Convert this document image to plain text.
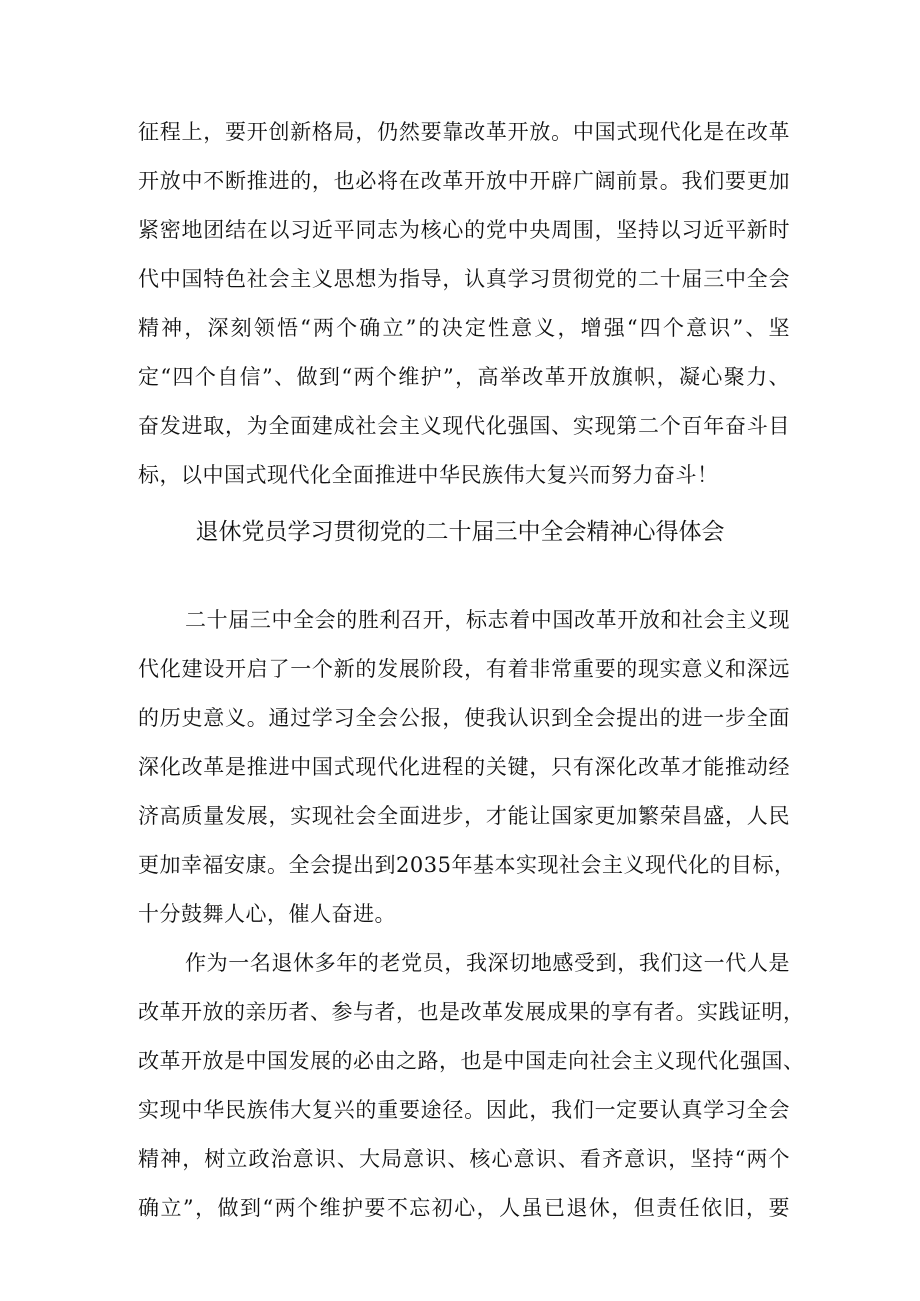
征程上，要开创新格局，仍然要靠改革开放。中国式现代化是在改革
开放中不断推进的，也必将在改革开放中开辟广阔前景。我们要更加
紧密地团结在以习近平同志为核心的党中央周围，坚持以习近平新时
代中国特色社会主义思想为指导，认真学习贯彻党的二十届三中全会
精神，深刻领悟“两个确立”的决定性意义，增强“四个意识”、坚
定“四个自信”、做到“两个维护”，高举改革开放旗帜，凝心聚力、
奋发进取，为全面建成社会主义现代化强国、实现第二个百年奋斗目
标，以中国式现代化全面推进中华民族伟大复兴而努力奋斗！
退休党员学习贯彻党的二十届三中全会精神心得体会
二十届三中全会的胜利召开，标志着中国改革开放和社会主义现
代化建设开启了一个新的发展阶段，有着非常重要的现实意义和深远
的历史意义。通过学习全会公报，使我认识到全会提出的进一步全面
深化改革是推进中国式现代化进程的关键，只有深化改革才能推动经
济高质量发展，实现社会全面进步，才能让国家更加繁荣昌盛，人民
更加幸福安康。全会提出到2035年基本实现社会主义现代化的目标，
十分鼓舞人心，催人奋进。
作为一名退休多年的老党员，我深切地感受到，我们这一代人是
改革开放的亲历者、参与者，也是改革发展成果的享有者。实践证明，
改革开放是中国发展的必由之路，也是中国走向社会主义现代化强国、
实现中华民族伟大复兴的重要途径。因此，我们一定要认真学习全会
精神，树立政治意识、大局意识、核心意识、看齐意识，坚持“两个
确立”，做到“两个维护要不忘初心，人虽已退休，但责任依旧，要
